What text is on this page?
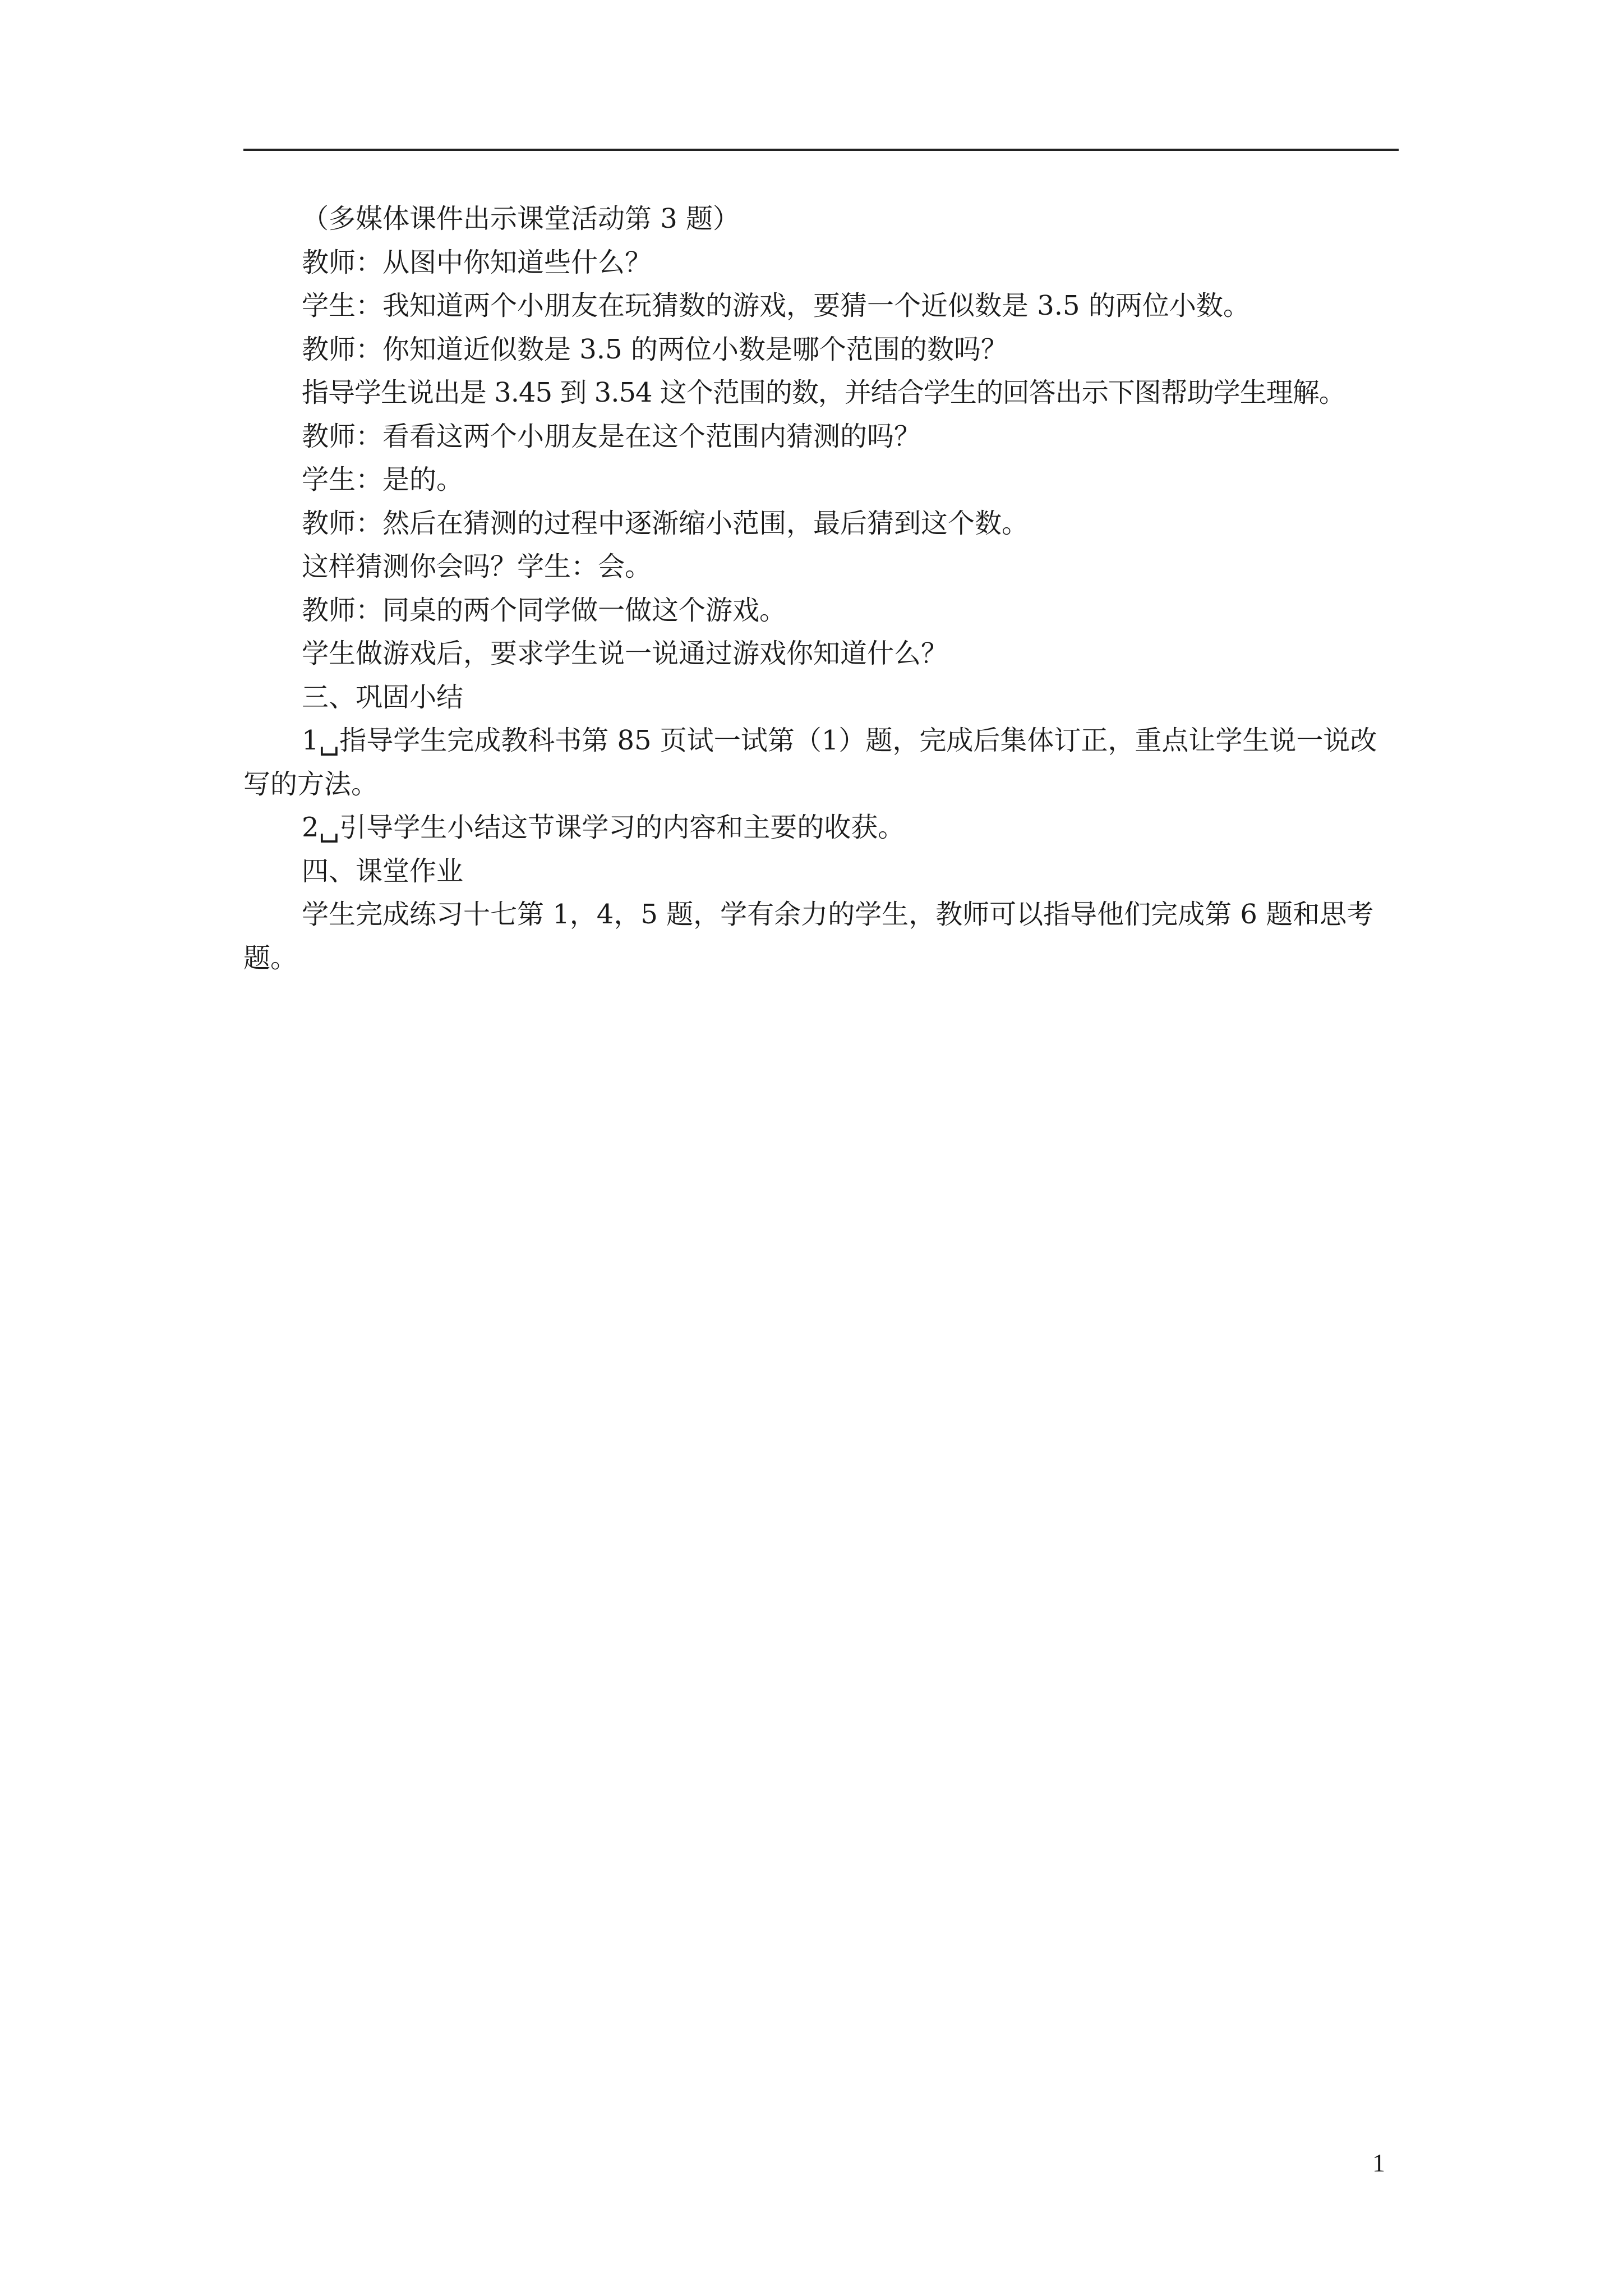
（多媒体课件出示课堂活动第 3 题）

教师：从图中你知道些什么？

学生：我知道两个小朋友在玩猜数的游戏，要猜一个近似数是 3.5 的两位小数。

教师：你知道近似数是 3.5 的两位小数是哪个范围的数吗？

指导学生说出是 3.45 到 3.54 这个范围的数，并结合学生的回答出示下图帮助学生理解。

教师：看看这两个小朋友是在这个范围内猜测的吗？

学生：是的。

教师：然后在猜测的过程中逐渐缩小范围，最后猜到这个数。

这样猜测你会吗？学生：会。

教师：同桌的两个同学做一做这个游戏。

学生做游戏后，要求学生说一说通过游戏你知道什么？

三、巩固小结

1␣指导学生完成教科书第 85 页试一试第（1）题，完成后集体订正，重点让学生说一说改写的方法。

2␣引导学生小结这节课学习的内容和主要的收获。

四、课堂作业

学生完成练习十七第 1，4，5 题，学有余力的学生，教师可以指导他们完成第 6 题和思考题。

1
